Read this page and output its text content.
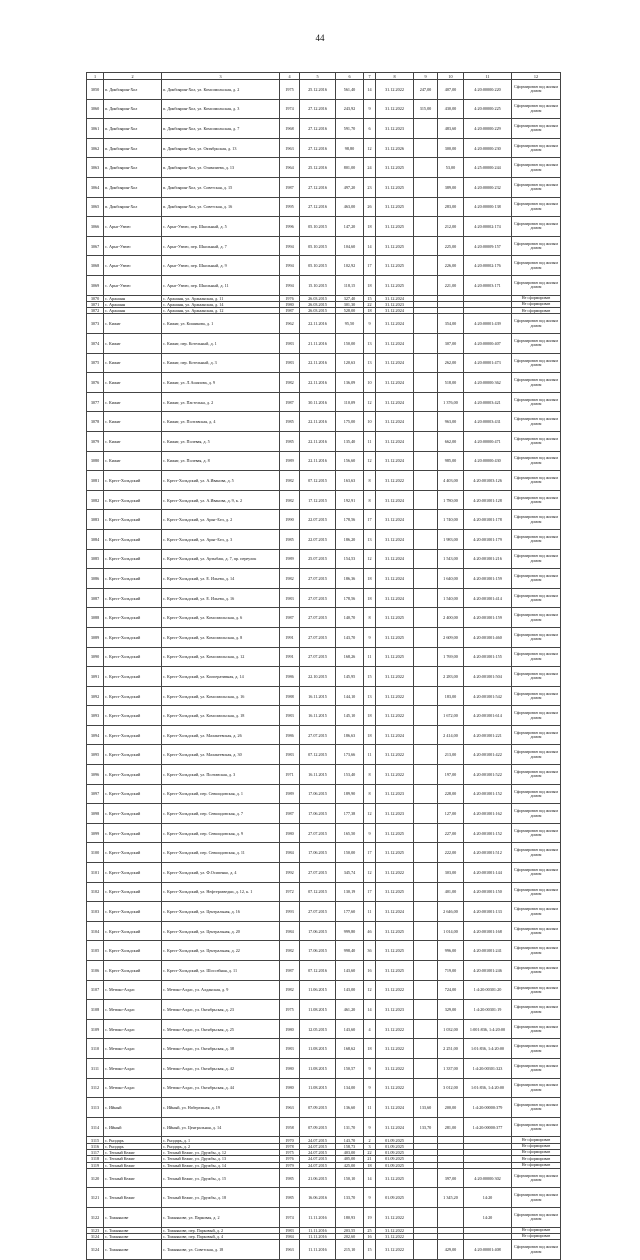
44
1	2	3	4	5	6	7	8	9	10	11	12
3050	п. Дикбоярин-Хол	п. Дикбоярин-Хол, ул. Комсомольская, д. 2	1975	25.12.2016	561,40	14	31.12.2022	247,00	407,00	4:20:00000:220	Сформирован под жилым домом
3060	п. Дикбоярин-Хол	п. Дикбоярин-Хол, ул. Комсомольская, д. 3	1974	27.12.2016	243,92	9	31.12.2022	315,00	430,00	4:20:00000:225	Сформирован под жилым домом
3061	п. Дикбоярин-Хол	п. Дикбоярин-Хол, ул. Комсомольская, д. 7	1968	27.12.2016	591,70	6	31.12.2023		483,60	4:20:00000:229	Сформирован под жилым домом
3062	п. Дикбоярин-Хол	п. Дикбоярин-Хол, ул. Октябрьская, д. 13	1963	27.12.2016	98,80	12	31.12.2026		300,00	4:20:00000:230	Сформирован под жилым домом
3063	п. Дикбоярин-Хол	п. Дикбоярин-Хол, ул. Олимпиева, д. 13	1964	25.12.2016	801,00	24	31.12.2025		53,00	4:25:00000:244	Сформирован под жилым домом
3064	п. Дикбоярин-Хол	п. Дикбоярин-Хол, ул. Советская, д. 15	1987	27.12.2016	497,20	23	31.12.2025		389,00	4:20:00000:232	Сформирован под жилым домом
3065	п. Дикбоярин-Хол	п. Дикбоярин-Хол, ул. Советская, д. 16	1995	27.12.2016	463,00	26	31.12.2025		283,00	4:20:00000:138	Сформирован под жилым домом
3066	с. Арыг-Узюю	с. Арыг-Узюю, пер. Школьный, д. 5	1996	05.10.2015	147,20	18	31.12.2025		212,00	4:20:00002:174	Сформирован под жилым домом
3067	с. Арыг-Узюю	с. Арыг-Узюю, пер. Школьный, д. 7	1994	05.10.2015	104,60	14	31.12.2025		225,00	4:20:00009:157	Сформирован под жилым домом
3068	с. Арыг-Узюю	с. Арыг-Узюю, пер. Школьный, д. 9	1994	05.10.2015	102,92	17	31.12.2025		226,00	4:20:00002:176	Сформирован под жилым домом
3069	с. Арыг-Узюю	с. Арыг-Узюю, пер. Школьный, д. 11	1994	15.10.2015	118,15	18	31.12.2025		221,00	4:20:00003:171	Сформирован под жилым домом
3070	с. Аржаанн	с. Аржаанн, ул. Аржаанская, д. 11	1976	26.03.2015	327,40	15	31.12.2024				Не сформирован
3071	с. Аржаанн	с. Аржаанн, ул. Аржаанская, д. 14	1980	26.03.2015	301,30	22	31.12.2023				Не сформирован
3072	с. Аржаанн	с. Аржаанн, ул. Аржаанская, д. 12	1987	26.03.2015	528,00	18	31.12.2024				Не сформирован
3073	с. Кижиг	с. Кижиг, ул. Кишикова, д. 1	1962	22.11.2016	95,50	9	31.12.2024		354,00	4:20:00001:439	Сформирован под жилым домом
3074	с. Кижиг	с. Кижиг, пер. Котельный, д. 1	1983	21.11.2016	150,00	13	31.12.2024		307,00	4:20:00000:407	Сформирован под жилым домом
3075	с. Кижиг	с. Кижиг, пер. Котельный, д. 3	1983	22.11.2016	120,63	13	31.12.2024		262,00	4:20:00001:473	Сформирован под жилым домом
3076	с. Кижиг	с. Кижиг, ул. Л.Ашапова, д. 9	1982	22.11.2016	136,09	10	31.12.2024		518,00	4:20:00000:362	Сформирован под жилым домом
3077	с. Кижиг	с. Кижиг, ул. Пастелька, д. 2	1987	30.11.2016	110,09	12	31.12.2024		1 376,00	4:20:00003:421	Сформирован под жилым домом
3078	с. Кижиг	с. Кижиг, ул. Полтавская, д. 4	1985	22.11.2016	175,00	10	31.12.2024		963,00	4:20:00003:431	Сформирован под жилым домом
3079	с. Кижиг	с. Кижиг, ул. Полевая, д. 5	1985	22.11.2016	135,40	11	31.12.2024		662,00	4:20:00000:471	Сформирован под жилым домом
3080	с. Кижиг	с. Кижиг, ул. Полевая, д. 8	1989	22.11.2016	156,60	12	31.12.2024		985,00	4:20:00000:430	Сформирован под жилым домом
3081	с. Крест-Хольдский	с. Крест-Хольдский, ул. А.Иванова, д. 5	1982	07.12.2015	163,63	8	31.12.2022		4 403,00	4:20:001003:126	Сформирован под жилым домом
3082	с. Крест-Хольдский	с. Крест-Хольдский, ул. А.Иванова, д. 9, к. 2	1982	17.12.2015	192,91	8	31.12.2024		1 780,00	4:20:001001:128	Сформирован под жилым домом
3083	с. Крест-Хольдский	с. Крест-Хольдский, ул. Арыг-Бел, д. 2	1990	22.07.2015	178,56	17	31.12.2024		1 740,00	4:20:001001:178	Сформирован под жилым домом
3084	с. Крест-Хольдский	с. Крест-Хольдский, ул. Арыг-Бел, д. 3	1985	22.07.2015	186,20	13	31.12.2024		1 983,00	4:20:001001:179	Сформирован под жилым домом
3085	с. Крест-Хольдский	с. Крест-Хольдский, ул. Артыбаш, д. 7, пр. переулок	1989	25.07.2015	154,53	12	31.12.2024		1 543,00	4:20:001001:216	Сформирован под жилым домом
3086	с. Крест-Хольдский	с. Крест-Хольдский, ул. Е. Ильева, д. 14	1982	27.07.2015	186,36	18	31.12.2024		1 640,00	4:20:001001:159	Сформирован под жилым домом
3087	с. Крест-Хольдский	с. Крест-Хольдский, ул. Е. Ильева, д. 16	1983	27.07.2015	178,56	18	31.12.2024		1 540,00	4:20:001001:414	Сформирован под жилым домом
3088	с. Крест-Хольдский	с. Крест-Хольдский, ул. Комсомольская, д. 6	1987	27.07.2015	140,70	8	31.12.2025		2 400,00	4:20:001001:159	Сформирован под жилым домом
3089	с. Крест-Хольдский	с. Крест-Хольдский, ул. Комсомольская, д. 8	1991	27.07.2015	143,70	9	31.12.2025		2 609,00	4:20:001001:460	Сформирован под жилым домом
3090	с. Крест-Хольдский	с. Крест-Хольдский, ул. Комсомольская, д. 12	1991	27.07.2015	168,26	11	31.12.2025		1 769,00	4:20:001001:155	Сформирован под жилым домом
3091	с. Крест-Хольдский	с. Крест-Хольдский, ул. Кооперативная, д. 14	1986	22.10.2015	145,95	15	31.12.2022		2 283,00	4:20:001001:504	Сформирован под жилым домом
3092	с. Крест-Хольдский	с. Крест-Хольдский, ул. Комсомольская, д. 16	1988	16.11.2015	144,10	13	31.12.2022		183,00	4:20:001001:542	Сформирован под жилым домом
3093	с. Крест-Хольдский	с. Крест-Хольдский, ул. Комсомольская, д. 18	1983	16.11.2015	145,10	18	31.12.2022		1 672,00	4:20:001001:614	Сформирован под жилым домом
3094	с. Крест-Хольдский	с. Крест-Хольдский, ул. Малакеевская, д. 26	1986	27.07.2015	186,63	18	31.12.2024		2 414,00	4:20:001001:221	Сформирован под жилым домом
3095	с. Крест-Хольдский	с. Крест-Хольдский, ул. Малакеевская, д. 30	1983	07.12.2015	173,66	11	31.12.2022		213,00	4:20:001001:422	Сформирован под жилым домом
3096	с. Крест-Хольдский	с. Крест-Хольдский, ул. Полтавская, д. 3	1971	16.11.2015	153,40	8	31.12.2022		197,00	4:20:001001:522	Сформирован под жилым домом
3097	с. Крест-Хольдский	с. Крест-Хольдский, пер. Севшидовская, д. 1	1989	17.06.2015	189,90	8	31.12.2023		228,00	4:20:001001:152	Сформирован под жилым домом
3098	с. Крест-Хольдский	с. Крест-Хольдский, пер. Севшидовская, д. 7	1987	17.06.2015	177,38	12	31.12.2023		127,00	4:20:001001:162	Сформирован под жилым домом
3099	с. Крест-Хольдский	с. Крест-Хольдский, пер. Севшидовская, д. 9	1980	27.07.2015	165,50	9	31.12.2025		227,00	4:20:001001:152	Сформирован под жилым домом
3100	с. Крест-Хольдский	с. Крест-Хольдский, пер. Севшидовская, д. 11	1984	17.06.2015	150,00	17	31.12.2025		222,00	4:20:001001:512	Сформирован под жилым домом
3101	с. Крест-Хольдский	с. Крест-Хольдский, ул. Ф.Осипенко, д. 4	1992	27.07.2015	345,74	12	31.12.2022		303,00	4:20:001001:144	Сформирован под жилым домом
3102	с. Крест-Хольдский	с. Крест-Хольдский, ул. Нефтеразведки, д. 12, к. 1	1972	07.12.2015	130,19	17	31.12.2025		401,00	4:20:001001:150	Сформирован под жилым домом
3103	с. Крест-Хольдский	с. Крест-Хольдский, ул. Центральная, д. 16	1993	27.07.2015	177,60	11	31.12.2024		2 646,00	4:20:001001:133	Сформирован под жилым домом
3104	с. Крест-Хольдский	с. Крест-Хольдский, ул. Центральная, д. 20	1984	17.06.2015	999,80	46	31.12.2025		1 014,00	4:20:001001:168	Сформирован под жилым домом
3105	с. Крест-Хольдский	с. Крест-Хольдский, ул. Центральная, д. 22	1982	17.06.2015	998,40	36	31.12.2025		996,00	4:20:001001:241	Сформирован под жилым домом
3106	с. Крест-Хольдский	с. Крест-Хольдский, ул. Шоссейная, д. 11	1987	07.12.2016	143,60	16	31.12.2025		719,00	4:20:001001:246	Сформирован под жилым домом
3107	с. Метико-Алдас	с. Метико-Алдас, ул. Алданская, д. 9	1982	11.06.2015	143,00	12	31.12.2022		724,00	1:4:20:00301:20	Сформирован под жилым домом
3108	с. Метико-Алдас	с. Метико-Алдас, ул. Октябрьская, д. 23	1975	11.08.2015	461,20	14	31.12.2023		329,00	1:4:20:00301:19	Сформирован под жилым домом
3109	с. Метико-Алдас	с. Метико-Алдас, ул. Октябрьская, д. 25	1980	12.05.2015	143,60	4	31.12.2022		1 032,00	1:001:836, 1:4:20:00	Сформирован под жилым домом
3110	с. Метико-Алдас	с. Метико-Алдас, ул. Октябрьская, д. 38	1983	11.08.2015	168,62	18	31.12.2022		2 251,00	1:01:836, 1:4:20:00	Сформирован под жилым домом
3111	с. Метико-Алдас	с. Метико-Алдас, ул. Октябрьская, д. 42	1980	11.08.2015	150,57	9	31.12.2022		1 337,00	1:4:20:00301:323	Сформирован под жилым домом
3112	с. Метико-Алдас	с. Метико-Алдас, ул. Октябрьская, д. 44	1980	11.08.2015	134,00	9	31.12.2022		3 012,00	1:01:836, 1:4:20:00	Сформирован под жилым домом
3113	с. Ийный	с. Ийный, ул. Набережная, д. 19	1963	07.09.2015	136,60	11	31.12.2024	133,60	200,00	1:4:20:00000:379	Сформирован под жилым домом
3114	с. Ийный	с. Ийный, ул. Центральная, д. 14	1958	07.09.2015	131,70	9	31.12.2024	133,70	281,00	1:4:20:00000:377	Сформирован под жилым домом
3115	с. Рыздарь	с. Рыздарь, д. 1	1970	24.07.2015	143,70	2	01.09.2025				Не сформирован
3116	с. Рыздарь	с. Рыздарь, д. 2	1978	24.07.2015	158,73	3	01.09.2025				Не сформирован
3117	с. Тепный Кежиг	с. Тепный Кежиг, ул. Дружбы, д. 12	1975	24.07.2015	403,00	22	01.09.2025				Не сформирован
3118	с. Тепный Кежиг	с. Тепный Кежиг, ул. Дружбы, д. 13	1976	24.07.2015	405,00	21	01.09.2025				Не сформирован
3119	с. Тепный Кежиг	с. Тепный Кежиг, ул. Дружбы, д. 14	1979	24.07.2015	425,00	18	01.09.2025				Не сформирован
3120	с. Тепный Кежиг	с. Тепный Кежиг, ул. Дружбы, д. 15	1985	21.06.2015	150,10	14	31.12.2025		397,00	4:20:00000:302	Сформирован под жилым домом
3121	с. Тепный Кежиг	с. Тепный Кежиг, ул. Дружбы, д. 18	1985	16.06.2016	133,70	9	01.09.2025		1 345,20	14:20	Сформирован под жилым домом
3122	с. Тожнянове	с. Тожнянове, ул. Парковая, д. 2	1974	11.11.2016	180,93	19	31.12.2022			14:20	Сформирован под жилым домом
3123	с. Тожнянове	с. Тожнянове, пер. Парковый, д. 2	1983	11.11.2016	203,55	25	31.12.2022				Не сформирован
3124	с. Тожнянове	с. Тожнянове, пер. Парковый, д. 4	1984	11.11.2016	202,60	16	31.12.2022				Не сформирован
3124	с. Тожнянове	с. Тожнянове, ул. Советская, д. 18	1963	11.11.2016	215,10	15	31.12.2022		429,00	4:20:00001:408	Сформирован под жилым домом
